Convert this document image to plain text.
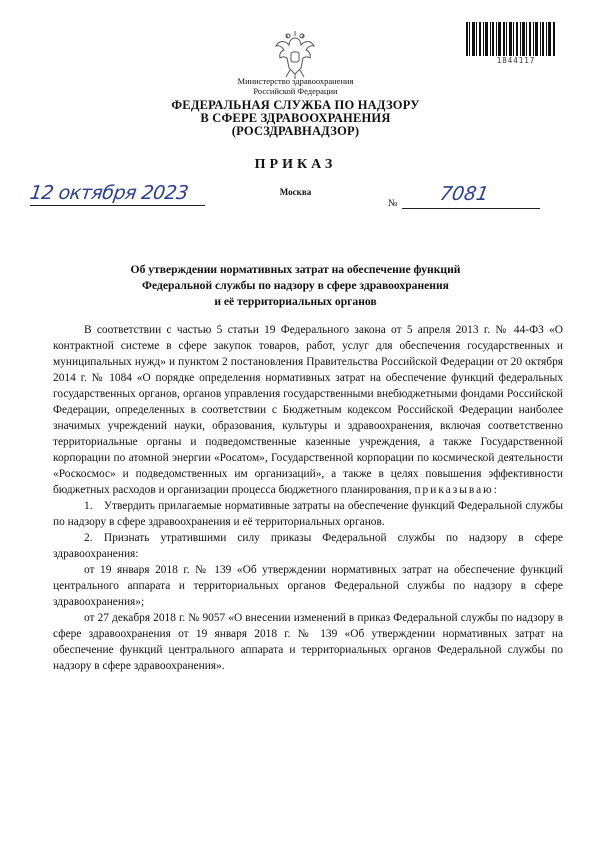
1844117
Министерство здравоохранения
Российской Федерации
ФЕДЕРАЛЬНАЯ СЛУЖБА ПО НАДЗОРУ
В СФЕРЕ ЗДРАВООХРАНЕНИЯ
(РОСЗДРАВНАДЗОР)
ПРИКАЗ
12 октября 2023	Москва
№ 7081
Об утверждении нормативных затрат на обеспечение функций
Федеральной службы по надзору в сфере здравоохранения
и её территориальных органов

В соответствии с частью 5 статьи 19 Федерального закона от 5 апреля 2013 г. № 44-ФЗ «О контрактной системе в сфере закупок товаров, работ, услуг для обеспечения государственных и муниципальных нужд» и пунктом 2 постановления Правительства Российской Федерации от 20 октября 2014 г. № 1084 «О порядке определения нормативных затрат на обеспечение функций федеральных государственных органов, органов управления государственными внебюджетными фондами Российской Федерации, определенных в соответствии с Бюджетным кодексом Российской Федерации наиболее значимых учреждений науки, образования, культуры и здравоохранения, включая соответственно территориальные органы и подведомственные казенные учреждения, а также Государственной корпорации по атомной энергии «Росатом», Государственной корпорации по космической деятельности «Роскосмос» и подведомственных им организаций», а также в целях повышения эффективности бюджетных расходов и организации процесса бюджетного планирования, приказываю:

1. Утвердить прилагаемые нормативные затраты на обеспечение функций Федеральной службы по надзору в сфере здравоохранения и её территориальных органов.

2. Признать утратившими силу приказы Федеральной службы по надзору в сфере здравоохранения:

от 19 января 2018 г. № 139 «Об утверждении нормативных затрат на обеспечение функций центрального аппарата и территориальных органов Федеральной службы по надзору в сфере здравоохранения»;

от 27 декабря 2018 г. № 9057 «О внесении изменений в приказ Федеральной службы по надзору в сфере здравоохранения от 19 января 2018 г. № 139 «Об утверждении нормативных затрат на обеспечение функций центрального аппарата и территориальных органов Федеральной службы по надзору в сфере здравоохранения».
